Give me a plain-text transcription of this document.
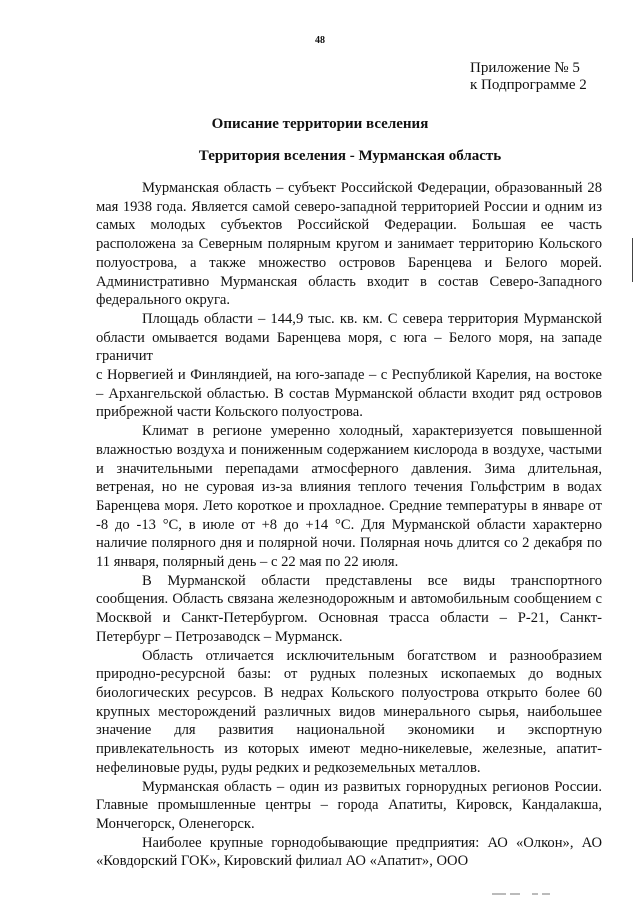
48
Приложение № 5
к Подпрограмме 2
Описание территории вселения
Территория вселения - Мурманская область

Мурманская область – субъект Российской Федерации, образованный 28 мая 1938 года. Является самой северо-западной территорией России и одним из самых молодых субъектов Российской Федерации. Большая ее часть расположена за Северным полярным кругом и занимает территорию Кольского полуострова, а также множество островов Баренцева и Белого морей. Административно Мурманская область входит в состав Северо-Западного федерального округа.

Площадь области – 144,9 тыс. кв. км. С севера территория Мурманской области омывается водами Баренцева моря, с юга – Белого моря, на западе граничит

с Норвегией и Финляндией, на юго-западе – с Республикой Карелия, на востоке – Архангельской областью. В состав Мурманской области входит ряд островов прибрежной части Кольского полуострова.

Климат в регионе умеренно холодный, характеризуется повышенной влажностью воздуха и пониженным содержанием кислорода в воздухе, частыми и значительными перепадами атмосферного давления. Зима длительная, ветреная, но не суровая из-за влияния теплого течения Гольфстрим в водах Баренцева моря. Лето короткое и прохладное. Средние температуры в январе от -8 до -13 °С, в июле от +8 до +14 °С. Для Мурманской области характерно наличие полярного дня и полярной ночи. Полярная ночь длится со 2 декабря по 11 января, полярный день – с 22 мая по 22 июля.

В Мурманской области представлены все виды транспортного сообщения. Область связана железнодорожным и автомобильным сообщением с Москвой и Санкт-Петербургом. Основная трасса области – Р-21, Санкт-Петербург – Петрозаводск – Мурманск.

Область отличается исключительным богатством и разнообразием природно-ресурсной базы: от рудных полезных ископаемых до водных биологических ресурсов. В недрах Кольского полуострова открыто более 60 крупных месторождений различных видов минерального сырья, наибольшее значение для развития национальной экономики и экспортную привлекательность из которых имеют медно-никелевые, железные, апатит-нефелиновые руды, руды редких и редкоземельных металлов.

Мурманская область – один из развитых горнорудных регионов России. Главные промышленные центры – города Апатиты, Кировск, Кандалакша, Мончегорск, Оленегорск.

Наиболее крупные горнодобывающие предприятия: АО «Олкон», АО «Ковдорский ГОК», Кировский филиал АО «Апатит», ООО
